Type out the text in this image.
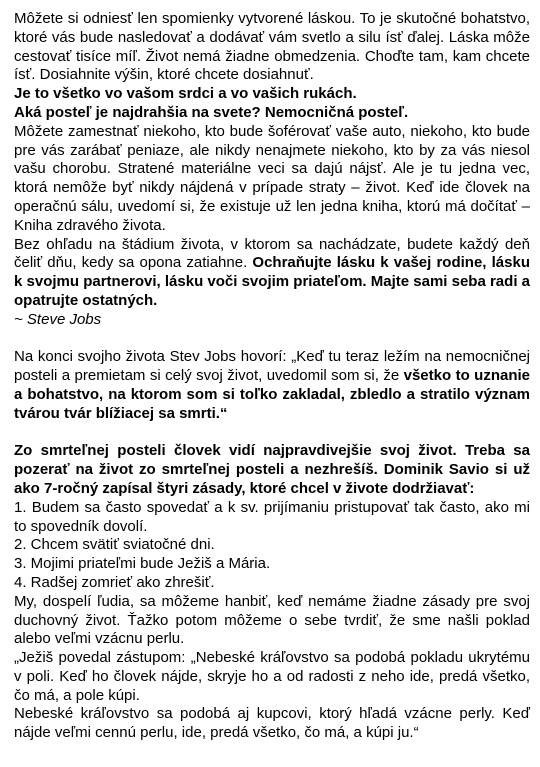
Môžete si odniesť len spomienky vytvorené láskou. To je skutočné bohatstvo, ktoré vás bude nasledovať a dodávať vám svetlo a silu ísť ďalej. Láska môže cestovať tisíce míľ. Život nemá žiadne obmedzenia. Choďte tam, kam chcete ísť. Dosiahnite výšin, ktoré chcete dosiahnuť.

Je to všetko vo vašom srdci a vo vašich rukách.

Aká posteľ je najdrahšia na svete? Nemocničná posteľ.

Môžete zamestnať niekoho, kto bude šoférovať vaše auto, niekoho, kto bude pre vás zarábať peniaze, ale nikdy nenajmete niekoho, kto by za vás niesol vašu chorobu. Stratené materiálne veci sa dajú nájsť. Ale je tu jedna vec, ktorá nemôže byť nikdy nájdená v prípade straty – život. Keď ide človek na operačnú sálu, uvedomí si, že existuje už len jedna kniha, ktorú má dočítať – Kniha zdravého života.

Bez ohľadu na štádium života, v ktorom sa nachádzate, budete každý deň čeliť dňu, kedy sa opona zatiahne. Ochraňujte lásku k vašej rodine, lásku k svojmu partnerovi, lásku voči svojim priateľom. Majte sami seba radi a opatrujte ostatných.

~ Steve Jobs

Na konci svojho života Stev Jobs hovorí: „Keď tu teraz ležím na nemocničnej posteli a premietam si celý svoj život, uvedomil som si, že všetko to uznanie a bohatstvo, na ktorom som si toľko zakladal, zbledlo a stratilo význam tvárou tvár blížiacej sa smrti.“

Zo smrteľnej posteli človek vidí najpravdivejšie svoj život. Treba sa pozerať na život zo smrteľnej posteli a nezhrešíš. Dominik Savio si už ako 7-ročný zapísal štyri zásady, ktoré chcel v živote dodržiavať:

1. Budem sa často spovedať a k sv. prijímaniu pristupovať tak často, ako mi to spovedník dovolí.

2. Chcem svätiť sviatočné dni.

3. Mojimi priateľmi bude Ježiš a Mária.

4. Radšej zomrieť ako zhrešiť.

My, dospelí ľudia, sa môžeme hanbiť, keď nemáme žiadne zásady pre svoj duchovný život. Ťažko potom môžeme o sebe tvrdiť, že sme našli poklad alebo veľmi vzácnu perlu.

„Ježiš povedal zástupom: „Nebeské kráľovstvo sa podobá pokladu ukrytému v poli. Keď ho človek nájde, skryje ho a od radosti z neho ide, predá všetko, čo má, a pole kúpi.

Nebeské kráľovstvo sa podobá aj kupcovi, ktorý hľadá vzácne perly. Keď nájde veľmi cennú perlu, ide, predá všetko, čo má, a kúpi ju.“
